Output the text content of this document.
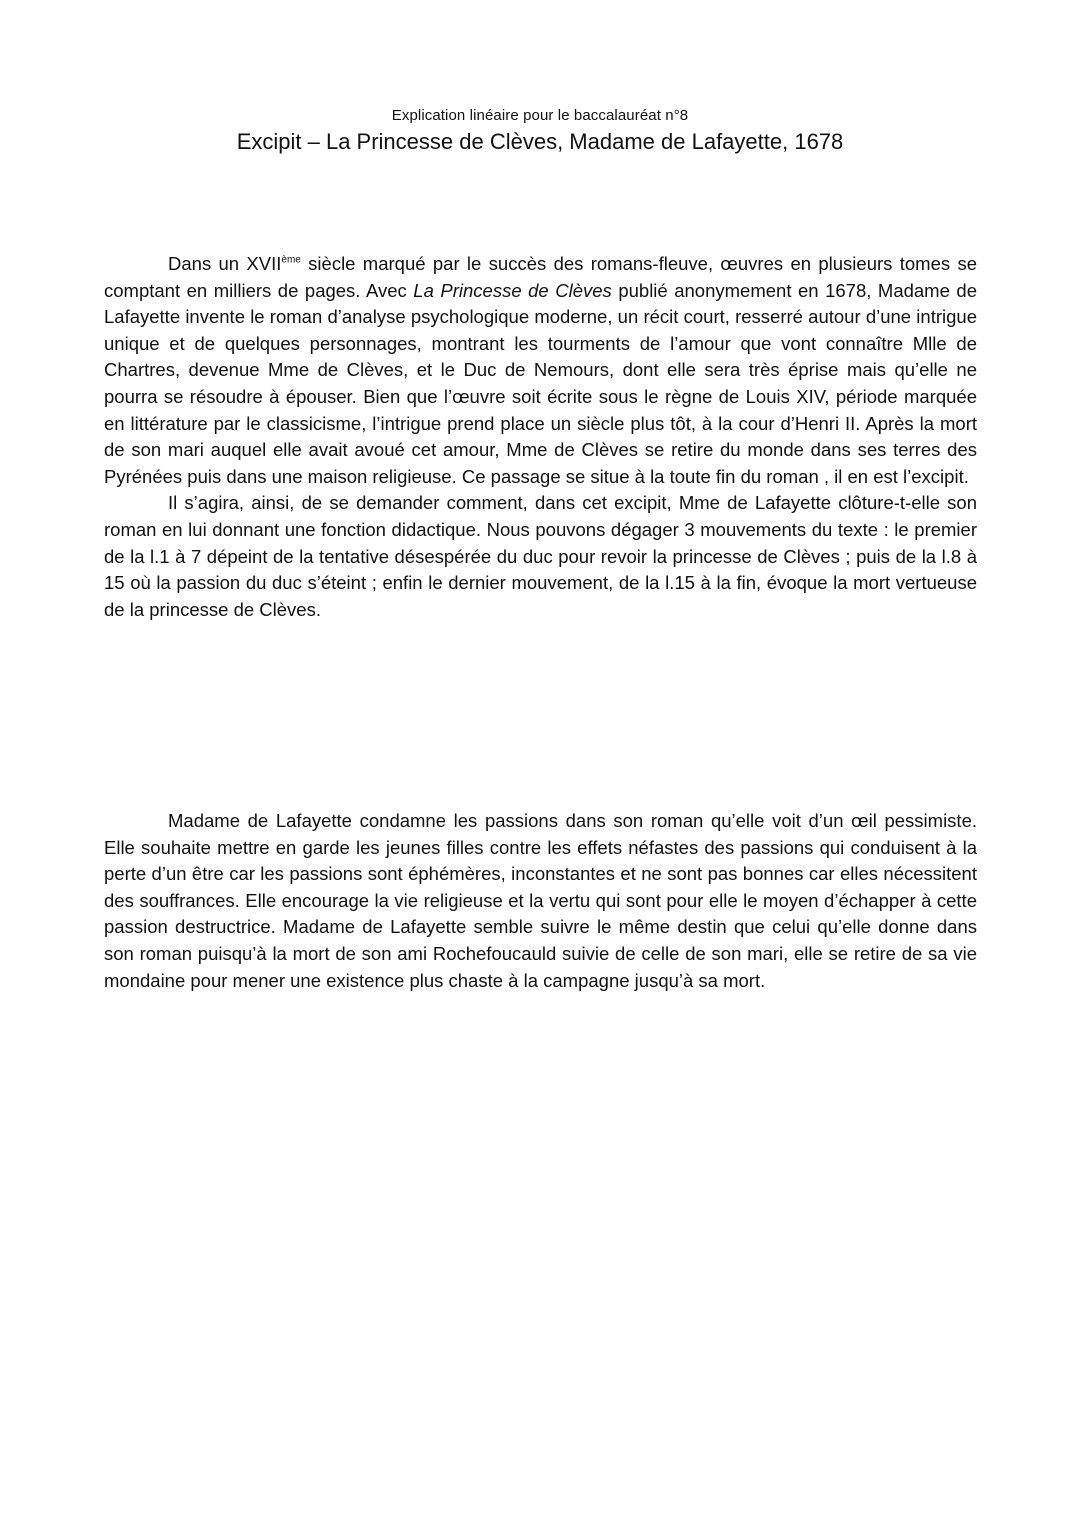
Explication linéaire pour le baccalauréat n°8
Excipit – La Princesse de Clèves, Madame de Lafayette, 1678

Dans un XVIIème siècle marqué par le succès des romans-fleuve, œuvres en plusieurs tomes se comptant en milliers de pages. Avec La Princesse de Clèves publié anonymement en 1678, Madame de Lafayette invente le roman d’analyse psychologique moderne, un récit court, resserré autour d’une intrigue unique et de quelques personnages, montrant les tourments de l’amour que vont connaître Mlle de Chartres, devenue Mme de Clèves, et le Duc de Nemours, dont elle sera très éprise mais qu’elle ne pourra se résoudre à épouser. Bien que l’œuvre soit écrite sous le règne de Louis XIV, période marquée en littérature par le classicisme, l’intrigue prend place un siècle plus tôt, à la cour d’Henri II. Après la mort de son mari auquel elle avait avoué cet amour, Mme de Clèves se retire du monde dans ses terres des Pyrénées puis dans une maison religieuse. Ce passage se situe à la toute fin du roman , il en est l’excipit.

Il s’agira, ainsi, de se demander comment, dans cet excipit, Mme de Lafayette clôture-t-elle son roman en lui donnant une fonction didactique. Nous pouvons dégager 3 mouvements du texte : le premier de la l.1 à 7 dépeint de la tentative désespérée du duc pour revoir la princesse de Clèves ; puis de la l.8 à 15 où la passion du duc s’éteint ; enfin le dernier mouvement, de la l.15 à la fin, évoque la mort vertueuse de la princesse de Clèves.

Madame de Lafayette condamne les passions dans son roman qu’elle voit d’un œil pessimiste. Elle souhaite mettre en garde les jeunes filles contre les effets néfastes des passions qui conduisent à la perte d’un être car les passions sont éphémères, inconstantes et ne sont pas bonnes car elles nécessitent des souffrances. Elle encourage la vie religieuse et la vertu qui sont pour elle le moyen d’échapper à cette passion destructrice. Madame de Lafayette semble suivre le même destin que celui qu’elle donne dans son roman puisqu’à la mort de son ami Rochefoucauld suivie de celle de son mari, elle se retire de sa vie mondaine pour mener une existence plus chaste à la campagne jusqu’à sa mort.
